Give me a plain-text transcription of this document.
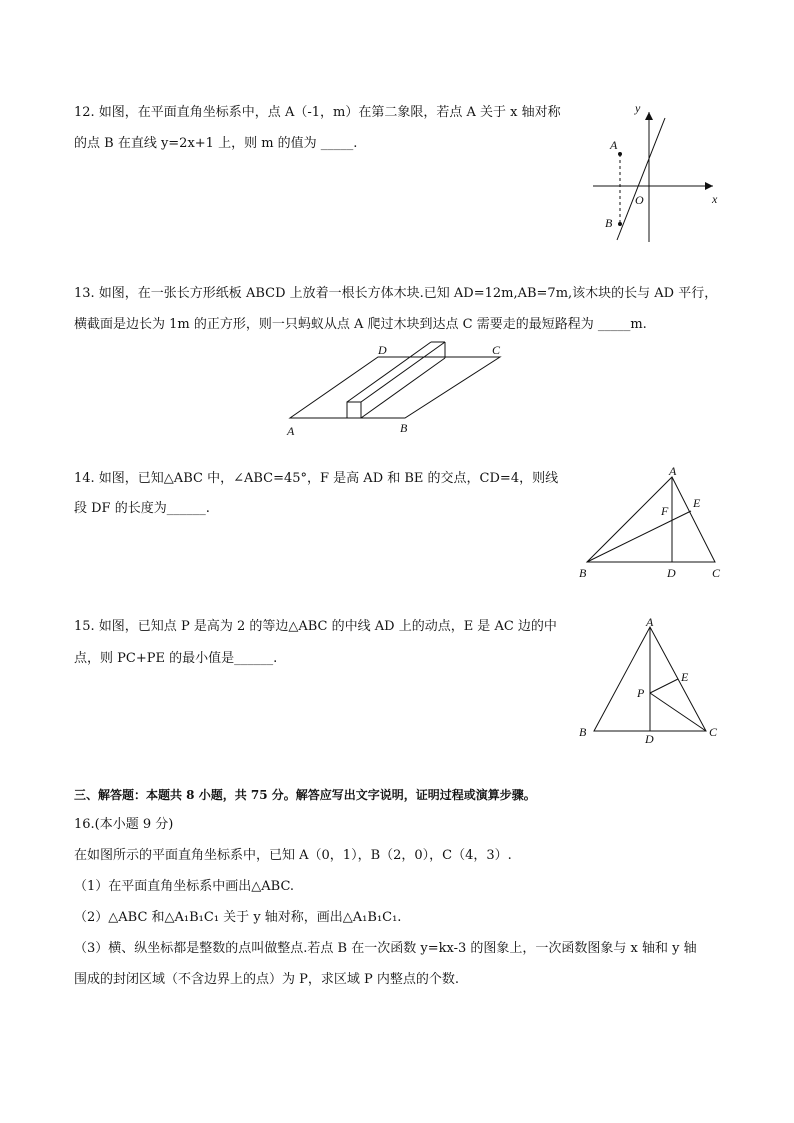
12. 如图，在平面直角坐标系中，点 A（-1，m）在第二象限，若点 A 关于 x 轴对称
的点 B 在直线 y=2x+1 上，则 m 的值为 _____.
y
x
O
A
B
13. 如图，在一张长方形纸板 ABCD 上放着一根长方体木块.已知 AD=12m,AB=7m,该木块的长与 AD 平行，
横截面是边长为 1m 的正方形，则一只蚂蚁从点 A 爬过木块到达点 C 需要走的最短路程为 _____m.
A	B
C
D
14. 如图，已知△ABC 中，∠ABC=45°，F 是高 AD 和 BE 的交点，CD=4，则线
段 DF 的长度为______.
A
B	C
D
E
F
15. 如图，已知点 P 是高为 2 的等边△ABC 的中线 AD 上的动点，E 是 AC 边的中
点，则 PC+PE 的最小值是______.
A
B	C
D
E
P
三、解答题：本题共 8 小题，共 75 分。解答应写出文字说明，证明过程或演算步骤。
16.(本小题 9 分)
在如图所示的平面直角坐标系中，已知 A（0，1），B（2，0），C（4，3）.
（1）在平面直角坐标系中画出△ABC.
（2）△ABC 和△A₁B₁C₁ 关于 y 轴对称，画出△A₁B₁C₁.
（3）横、纵坐标都是整数的点叫做整点.若点 B 在一次函数 y=kx-3 的图象上，一次函数图象与 x 轴和 y 轴
围成的封闭区域（不含边界上的点）为 P，求区域 P 内整点的个数.
